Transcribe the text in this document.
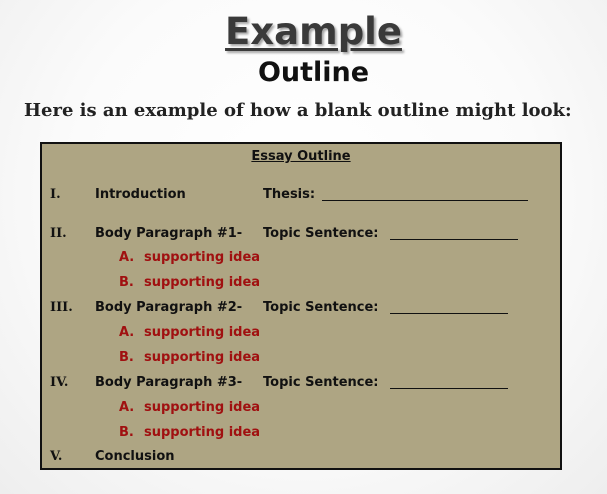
Example
Outline

Here is an example of how a blank outline might look:

Essay Outline
I.	Introduction	Thesis:
II. Body Paragraph #1- Topic Sentence:
A. supporting idea
B. supporting idea
III. Body Paragraph #2- Topic Sentence:
A. supporting idea
B. supporting idea
IV. Body Paragraph #3- Topic Sentence:
A. supporting idea
B. supporting idea
V.	Conclusion
